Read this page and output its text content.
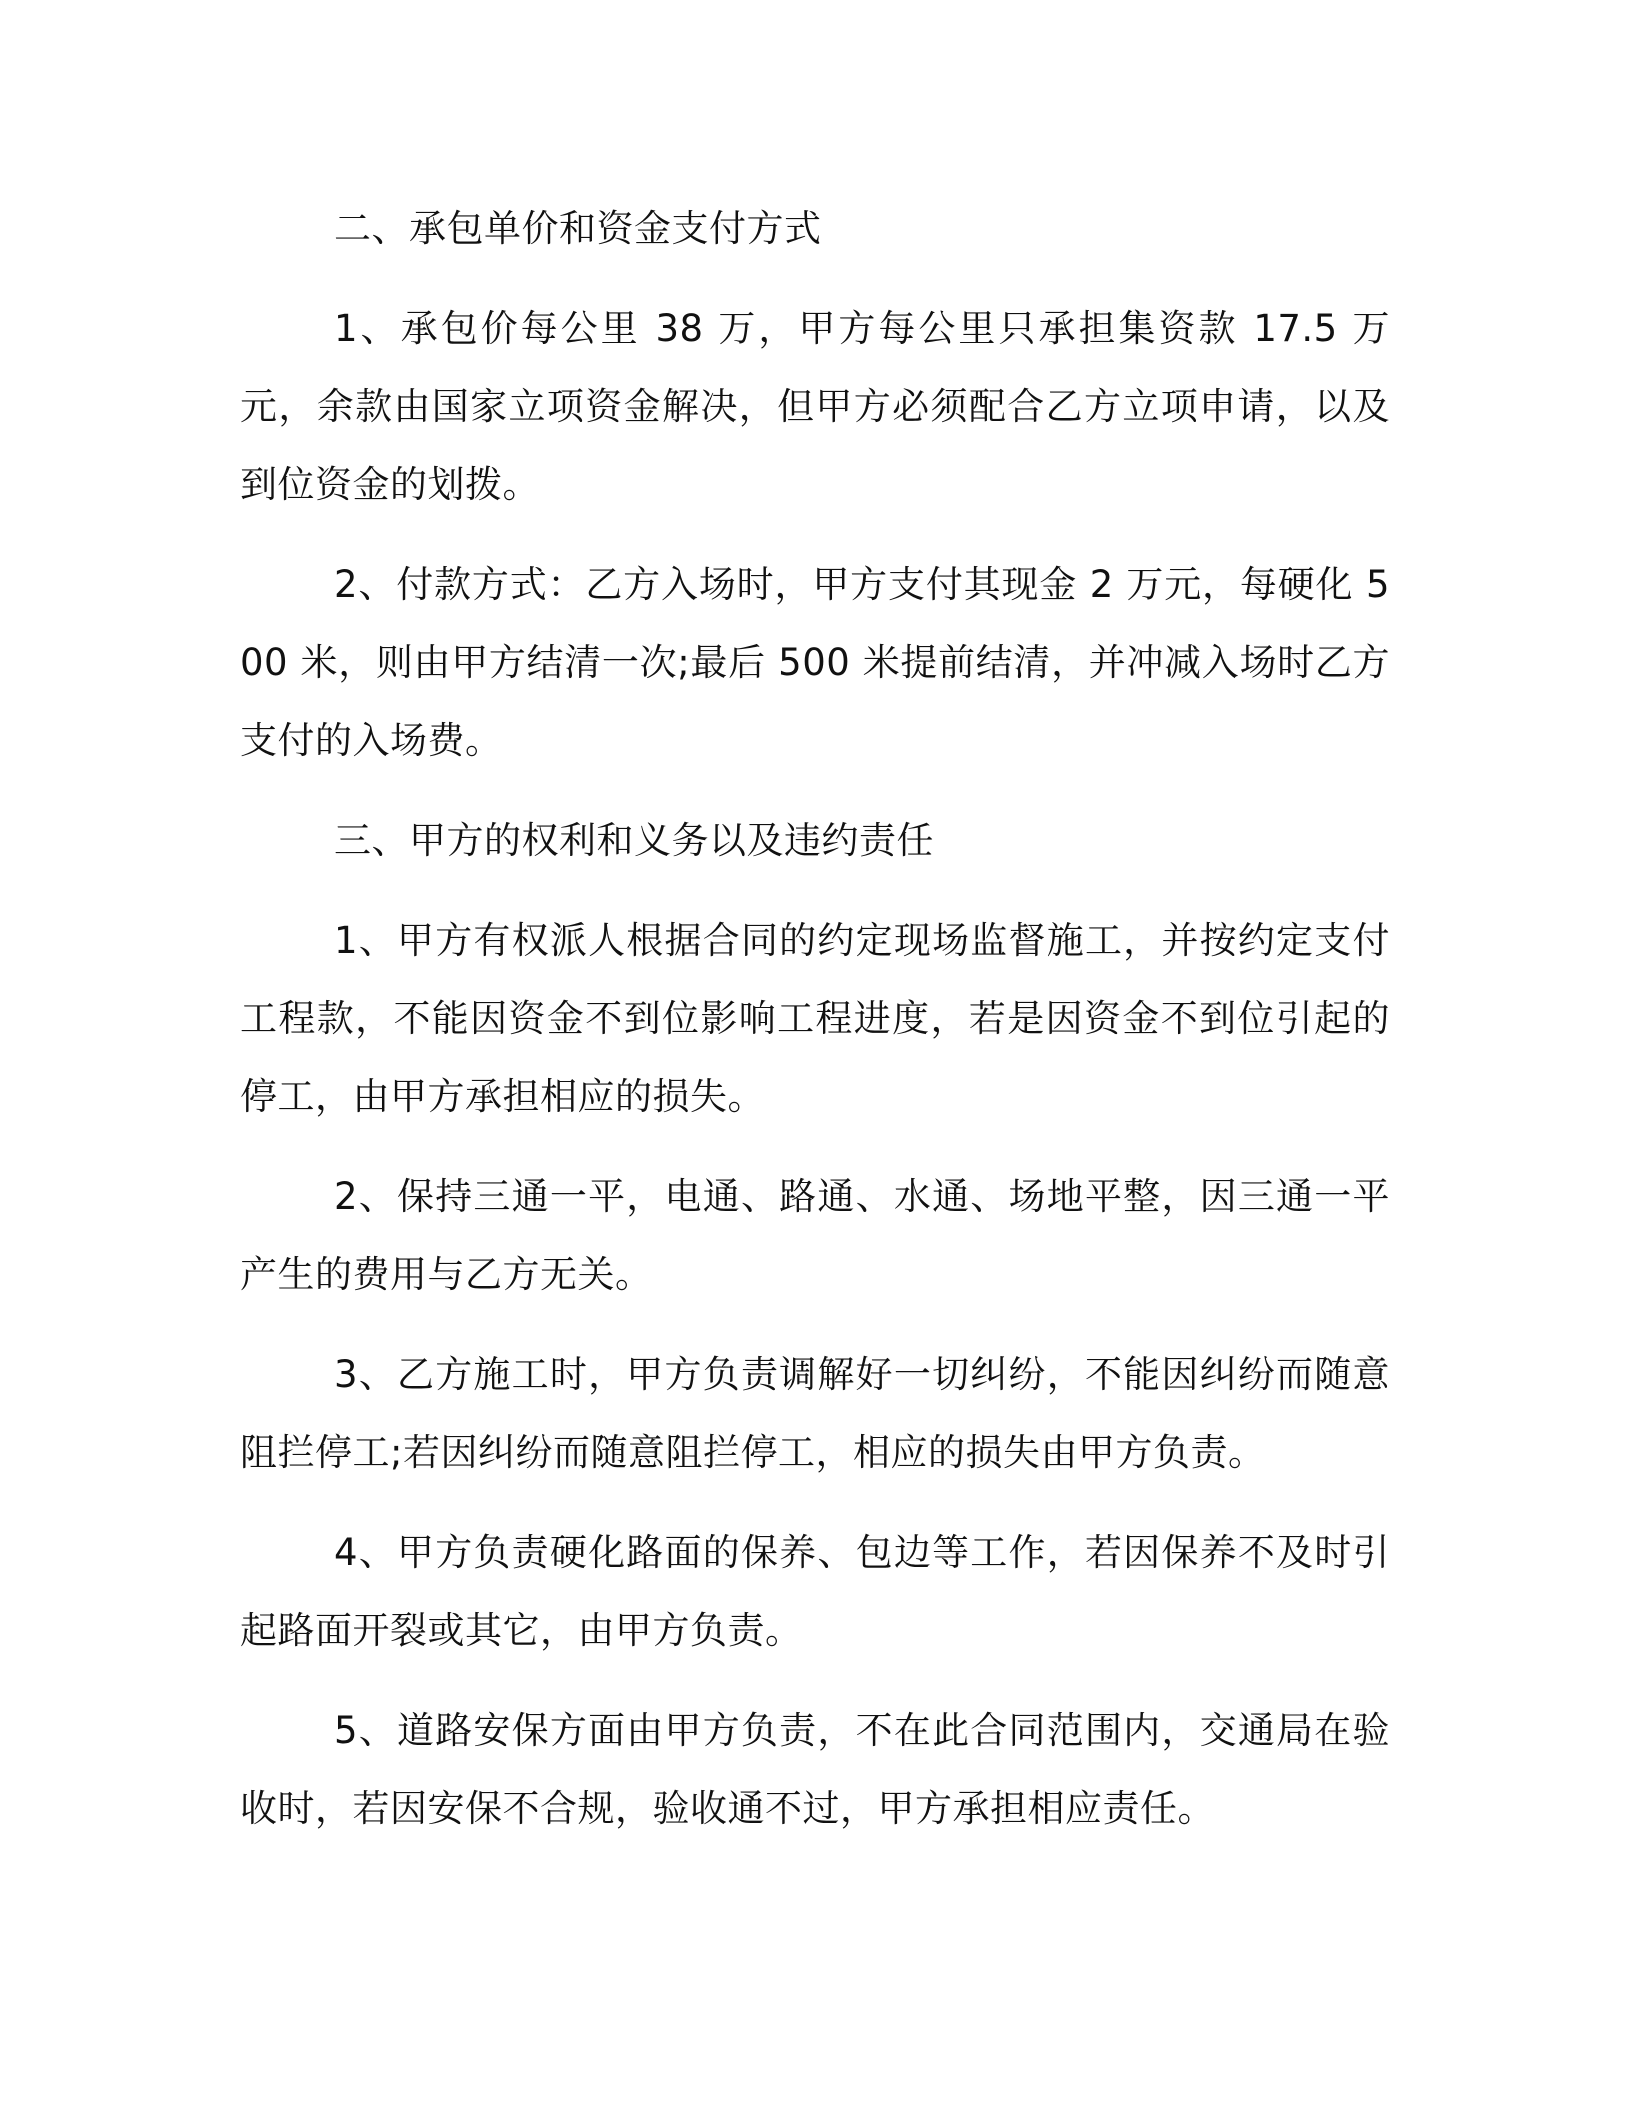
二、承包单价和资金支付方式

1、承包价每公里 38 万，甲方每公里只承担集资款 17.5 万元，余款由国家立项资金解决，但甲方必须配合乙方立项申请，以及到位资金的划拨。

2、付款方式：乙方入场时，甲方支付其现金 2 万元，每硬化 500 米，则由甲方结清一次;最后 500 米提前结清，并冲减入场时乙方支付的入场费。

三、甲方的权利和义务以及违约责任

1、甲方有权派人根据合同的约定现场监督施工，并按约定支付工程款，不能因资金不到位影响工程进度，若是因资金不到位引起的停工，由甲方承担相应的损失。

2、保持三通一平，电通、路通、水通、场地平整，因三通一平产生的费用与乙方无关。

3、乙方施工时，甲方负责调解好一切纠纷，不能因纠纷而随意阻拦停工;若因纠纷而随意阻拦停工，相应的损失由甲方负责。

4、甲方负责硬化路面的保养、包边等工作，若因保养不及时引起路面开裂或其它，由甲方负责。

5、道路安保方面由甲方负责，不在此合同范围内，交通局在验收时，若因安保不合规，验收通不过，甲方承担相应责任。
